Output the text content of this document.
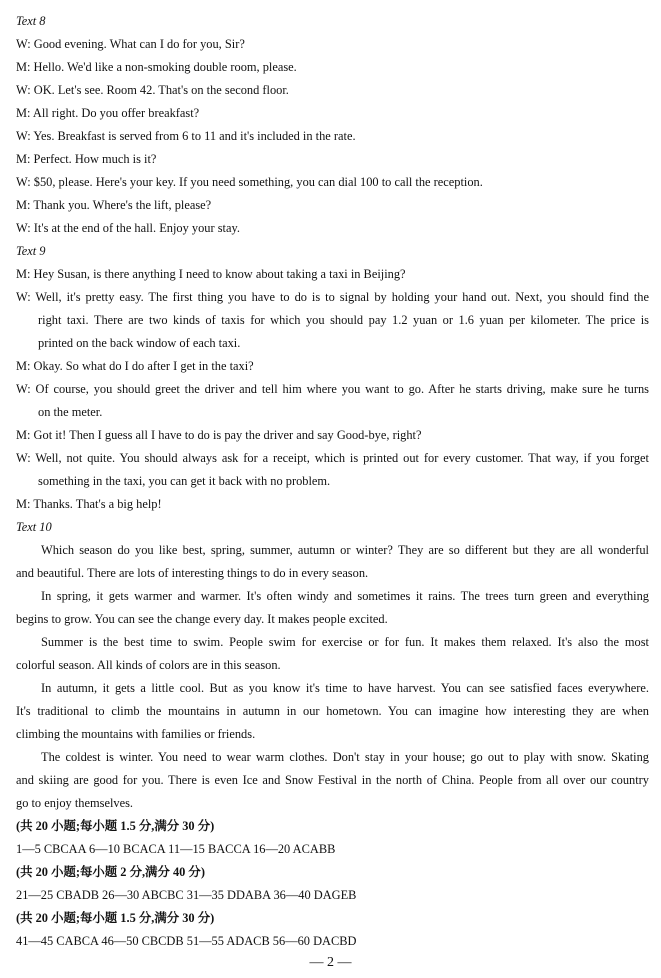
Text 8
W: Good evening. What can I do for you, Sir?
M: Hello. We'd like a non-smoking double room, please.
W: OK. Let's see. Room 42. That's on the second floor.
M: All right. Do you offer breakfast?
W: Yes. Breakfast is served from 6 to 11 and it's included in the rate.
M: Perfect. How much is it?
W: $50, please. Here's your key. If you need something, you can dial 100 to call the reception.
M: Thank you. Where's the lift, please?
W: It's at the end of the hall. Enjoy your stay.
Text 9
M: Hey Susan, is there anything I need to know about taking a taxi in Beijing?
W: Well, it's pretty easy. The first thing you have to do is to signal by holding your hand out. Next, you should find the
right taxi. There are two kinds of taxis for which you should pay 1.2 yuan or 1.6 yuan per kilometer. The price is
printed on the back window of each taxi.
M: Okay. So what do I do after I get in the taxi?
W: Of course, you should greet the driver and tell him where you want to go. After he starts driving, make sure he turns
on the meter.
M: Got it! Then I guess all I have to do is pay the driver and say Good-bye, right?
W: Well, not quite. You should always ask for a receipt, which is printed out for every customer. That way, if you forget
something in the taxi, you can get it back with no problem.
M: Thanks. That's a big help!
Text 10
Which season do you like best, spring, summer, autumn or winter? They are so different but they are all wonderful
and beautiful. There are lots of interesting things to do in every season.
In spring, it gets warmer and warmer. It's often windy and sometimes it rains. The trees turn green and everything
begins to grow. You can see the change every day. It makes people excited.
Summer is the best time to swim. People swim for exercise or for fun. It makes them relaxed. It's also the most
colorful season. All kinds of colors are in this season.
In autumn, it gets a little cool. But as you know it's time to have harvest. You can see satisfied faces everywhere.
It's traditional to climb the mountains in autumn in our hometown. You can imagine how interesting they are when
climbing the mountains with families or friends.
The coldest is winter. You need to wear warm clothes. Don't stay in your house; go out to play with snow. Skating
and skiing are good for you. There is even Ice and Snow Festival in the north of China. People from all over our country
go to enjoy themselves.
(共 20 小题;每小题 1.5 分,满分 30 分)
1—5 CBCAA 6—10 BCACA 11—15 BACCA 16—20 ACABB
(共 20 小题;每小题 2 分,满分 40 分)
21—25 CBADB 26—30 ABCBC 31—35 DDABA 36—40 DAGEB
(共 20 小题;每小题 1.5 分,满分 30 分)
41—45 CABCA 46—50 CBCDB 51—55 ADACB 56—60 DACBD
— 2 —
